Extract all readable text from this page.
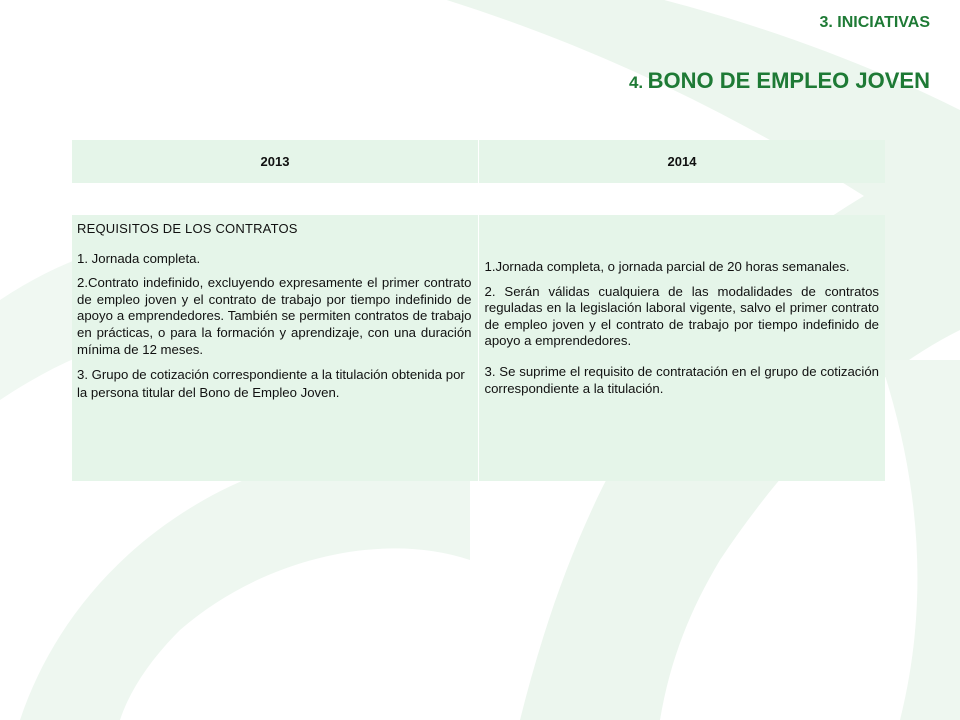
3. INICIATIVAS
4. BONO DE EMPLEO JOVEN
2013	2014

REQUISITOS DE LOS CONTRATOS

1. Jornada completa.

2.Contrato indefinido, excluyendo expresamente el primer contrato de empleo joven y el contrato de trabajo por tiempo indefinido de apoyo a emprendedores. También se permiten contratos de trabajo en prácticas, o para la formación y aprendizaje, con una duración mínima de 12 meses.

3. Grupo de cotización correspondiente a la titulación obtenida por la persona titular del Bono de Empleo Joven.

1.Jornada completa, o jornada parcial de 20 horas semanales.

2. Serán válidas cualquiera de las modalidades de contratos reguladas en la legislación laboral vigente, salvo el primer contrato de empleo joven y el contrato de trabajo por tiempo indefinido de apoyo a emprendedores.

3. Se suprime el requisito de contratación en el grupo de cotización correspondiente a la titulación.
